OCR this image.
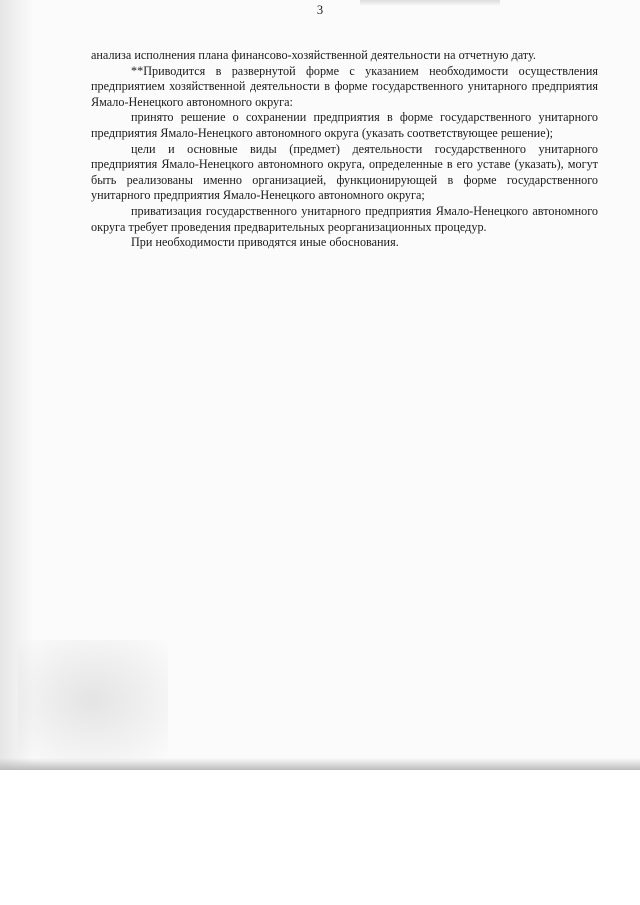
3

анализа исполнения плана финансово-хозяйственной деятельности на отчетную дату.

**Приводится в развернутой форме с указанием необходимости осуществления предприятием хозяйственной деятельности в форме государственного унитарного предприятия Ямало-Ненецкого автономного округа:

принято решение о сохранении предприятия в форме государственного унитарного предприятия Ямало-Ненецкого автономного округа (указать соответствующее решение);

цели и основные виды (предмет) деятельности государственного унитарного предприятия Ямало-Ненецкого автономного округа, определенные в его уставе (указать), могут быть реализованы именно организацией, функционирующей в форме государственного унитарного предприятия Ямало-Ненецкого автономного округа;

приватизация государственного унитарного предприятия Ямало-Ненецкого автономного округа требует проведения предварительных реорганизационных процедур.

При необходимости приводятся иные обоснования.
